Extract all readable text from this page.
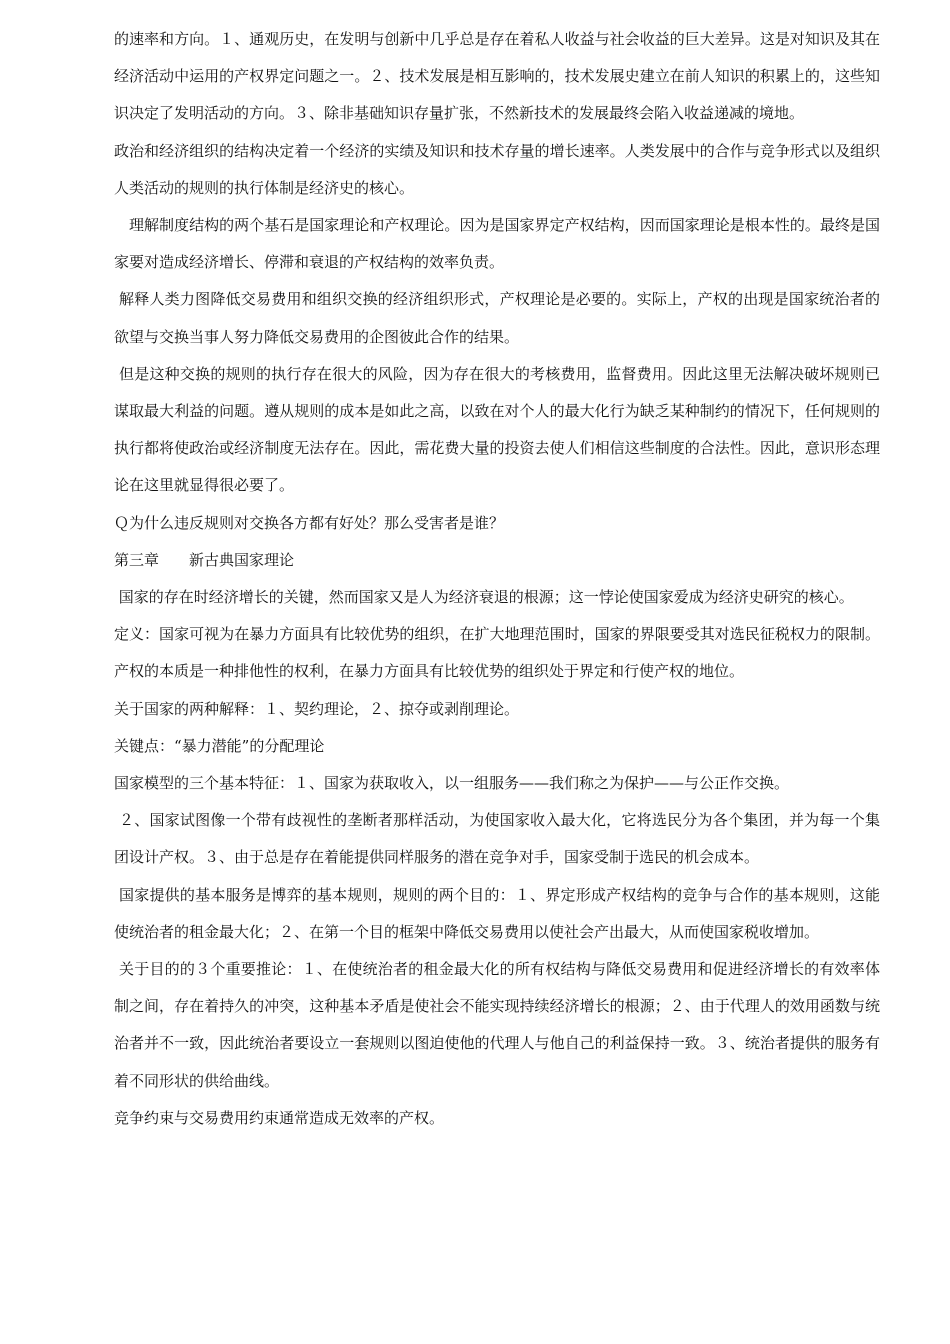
的速率和方向。１、通观历史，在发明与创新中几乎总是存在着私人收益与社会收益的巨大差异。这是对知识及其在经济活动中运用的产权界定问题之一。２、技术发展是相互影响的，技术发展史建立在前人知识的积累上的，这些知识决定了发明活动的方向。３、除非基础知识存量扩张，不然新技术的发展最终会陷入收益递减的境地。

政治和经济组织的结构决定着一个经济的实绩及知识和技术存量的增长速率。人类发展中的合作与竞争形式以及组织人类活动的规则的执行体制是经济史的核心。

　理解制度结构的两个基石是国家理论和产权理论。因为是国家界定产权结构，因而国家理论是根本性的。最终是国家要对造成经济增长、停滞和衰退的产权结构的效率负责。

解释人类力图降低交易费用和组织交换的经济组织形式，产权理论是必要的。实际上，产权的出现是国家统治者的欲望与交换当事人努力降低交易费用的企图彼此合作的结果。

但是这种交换的规则的执行存在很大的风险，因为存在很大的考核费用，监督费用。因此这里无法解决破坏规则已谋取最大利益的问题。遵从规则的成本是如此之高，以致在对个人的最大化行为缺乏某种制约的情况下，任何规则的执行都将使政治或经济制度无法存在。因此，需花费大量的投资去使人们相信这些制度的合法性。因此，意识形态理论在这里就显得很必要了。

Ｑ为什么违反规则对交换各方都有好处？那么受害者是谁？

第三章　　新古典国家理论

国家的存在时经济增长的关键，然而国家又是人为经济衰退的根源；这一悖论使国家爱成为经济史研究的核心。

定义：国家可视为在暴力方面具有比较优势的组织，在扩大地理范围时，国家的界限要受其对选民征税权力的限制。产权的本质是一种排他性的权利，在暴力方面具有比较优势的组织处于界定和行使产权的地位。

关于国家的两种解释：１、契约理论，２、掠夺或剥削理论。

关键点：“暴力潜能”的分配理论

国家模型的三个基本特征：１、国家为获取收入，以一组服务——我们称之为保护——与公正作交换。

２、国家试图像一个带有歧视性的垄断者那样活动，为使国家收入最大化，它将选民分为各个集团，并为每一个集团设计产权。３、由于总是存在着能提供同样服务的潜在竞争对手，国家受制于选民的机会成本。

国家提供的基本服务是博弈的基本规则，规则的两个目的：１、界定形成产权结构的竞争与合作的基本规则，这能使统治者的租金最大化；２、在第一个目的框架中降低交易费用以使社会产出最大，从而使国家税收增加。

关于目的的３个重要推论：１、在使统治者的租金最大化的所有权结构与降低交易费用和促进经济增长的有效率体制之间，存在着持久的冲突，这种基本矛盾是使社会不能实现持续经济增长的根源；２、由于代理人的效用函数与统治者并不一致，因此统治者要设立一套规则以图迫使他的代理人与他自己的利益保持一致。３、统治者提供的服务有着不同形状的供给曲线。

竞争约束与交易费用约束通常造成无效率的产权。
